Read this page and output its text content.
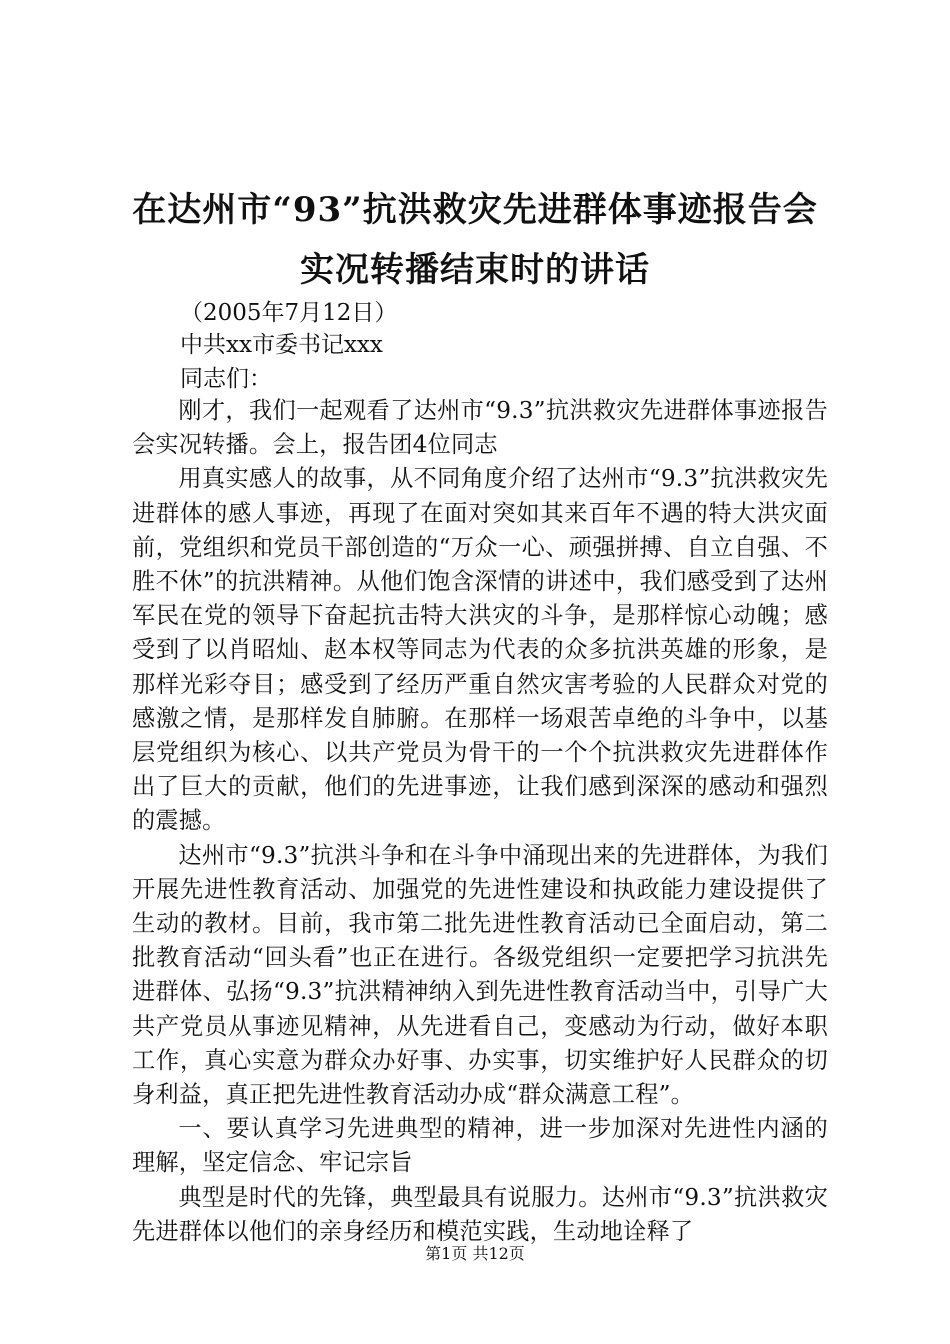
在达州市“93”抗洪救灾先进群体事迹报告会
实况转播结束时的讲话
（2005年7月12日）
中共xx市委书记xxx
同志们：

刚才，我们一起观看了达州市“9.3”抗洪救灾先进群体事迹报告会实况转播。会上，报告团4位同志

用真实感人的故事，从不同角度介绍了达州市“9.3”抗洪救灾先进群体的感人事迹，再现了在面对突如其来百年不遇的特大洪灾面前，党组织和党员干部创造的“万众一心、顽强拼搏、自立自强、不胜不休”的抗洪精神。从他们饱含深情的讲述中，我们感受到了达州军民在党的领导下奋起抗击特大洪灾的斗争，是那样惊心动魄；感受到了以肖昭灿、赵本权等同志为代表的众多抗洪英雄的形象，是那样光彩夺目；感受到了经历严重自然灾害考验的人民群众对党的感激之情，是那样发自肺腑。在那样一场艰苦卓绝的斗争中，以基层党组织为核心、以共产党员为骨干的一个个抗洪救灾先进群体作出了巨大的贡献，他们的先进事迹，让我们感到深深的感动和强烈的震撼。

达州市“9.3”抗洪斗争和在斗争中涌现出来的先进群体，为我们开展先进性教育活动、加强党的先进性建设和执政能力建设提供了生动的教材。目前，我市第二批先进性教育活动已全面启动，第二批教育活动“回头看”也正在进行。各级党组织一定要把学习抗洪先进群体、弘扬“9.3”抗洪精神纳入到先进性教育活动当中，引导广大共产党员从事迹见精神，从先进看自己，变感动为行动，做好本职工作，真心实意为群众办好事、办实事，切实维护好人民群众的切身利益，真正把先进性教育活动办成“群众满意工程”。

一、要认真学习先进典型的精神，进一步加深对先进性内涵的理解，坚定信念、牢记宗旨

典型是时代的先锋，典型最具有说服力。达州市“9.3”抗洪救灾先进群体以他们的亲身经历和模范实践，生动地诠释了

第1页 共12页
